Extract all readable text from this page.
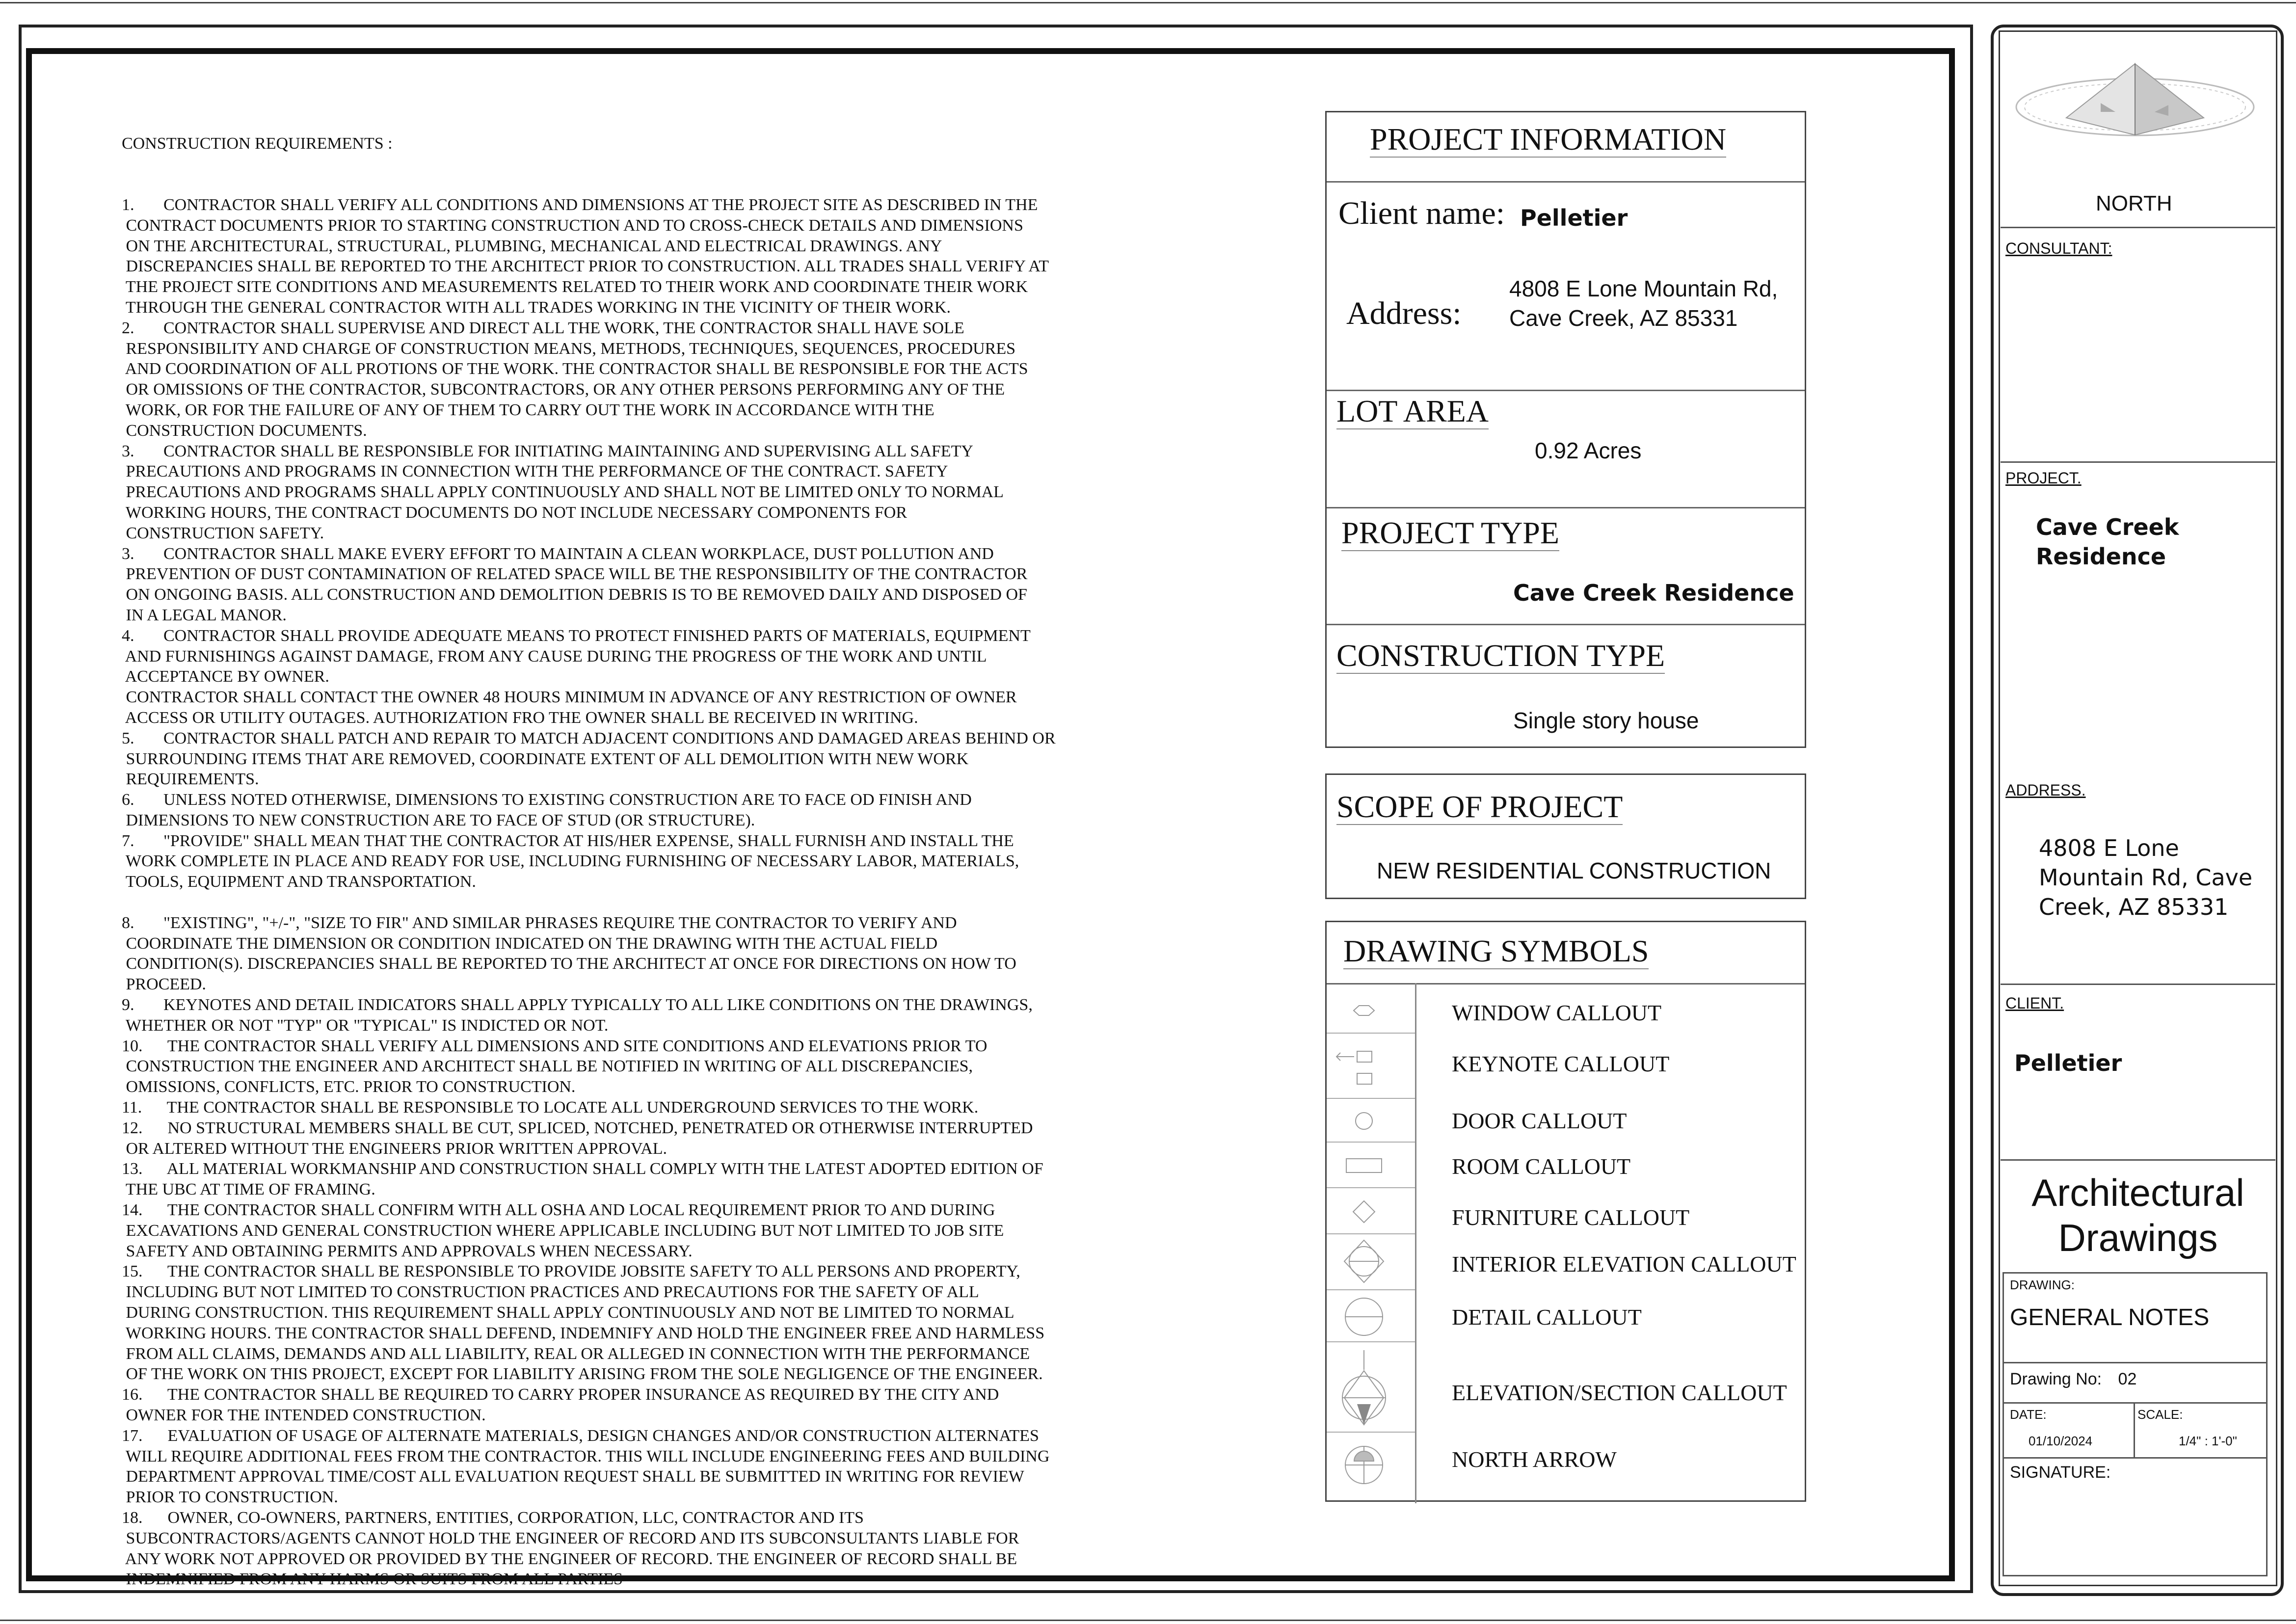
CONSTRUCTION REQUIREMENTS :

1.       CONTRACTOR SHALL VERIFY ALL CONDITIONS AND DIMENSIONS AT THE PROJECT SITE AS DESCRIBED IN THE
CONTRACT DOCUMENTS PRIOR TO STARTING CONSTRUCTION AND TO CROSS-CHECK DETAILS AND DIMENSIONS
ON THE ARCHITECTURAL, STRUCTURAL, PLUMBING, MECHANICAL AND ELECTRICAL DRAWINGS. ANY
DISCREPANCIES SHALL BE REPORTED TO THE ARCHITECT PRIOR TO CONSTRUCTION. ALL TRADES SHALL VERIFY AT
THE PROJECT SITE CONDITIONS AND MEASUREMENTS RELATED TO THEIR WORK AND COORDINATE THEIR WORK
THROUGH THE GENERAL CONTRACTOR WITH ALL TRADES WORKING IN THE VICINITY OF THEIR WORK.
2.       CONTRACTOR SHALL SUPERVISE AND DIRECT ALL THE WORK, THE CONTRACTOR SHALL HAVE SOLE
RESPONSIBILITY AND CHARGE OF CONSTRUCTION MEANS, METHODS, TECHNIQUES, SEQUENCES, PROCEDURES
AND COORDINATION OF ALL PROTIONS OF THE WORK. THE CONTRACTOR SHALL BE RESPONSIBLE FOR THE ACTS
OR OMISSIONS OF THE CONTRACTOR, SUBCONTRACTORS, OR ANY OTHER PERSONS PERFORMING ANY OF THE
WORK, OR FOR THE FAILURE OF ANY OF THEM TO CARRY OUT THE WORK IN ACCORDANCE WITH THE
CONSTRUCTION DOCUMENTS.
3.       CONTRACTOR SHALL BE RESPONSIBLE FOR INITIATING MAINTAINING AND SUPERVISING ALL SAFETY
PRECAUTIONS AND PROGRAMS IN CONNECTION WITH THE PERFORMANCE OF THE CONTRACT. SAFETY
PRECAUTIONS AND PROGRAMS SHALL APPLY CONTINUOUSLY AND SHALL NOT BE LIMITED ONLY TO NORMAL
WORKING HOURS, THE CONTRACT DOCUMENTS DO NOT INCLUDE NECESSARY COMPONENTS FOR
CONSTRUCTION SAFETY.
3.       CONTRACTOR SHALL MAKE EVERY EFFORT TO MAINTAIN A CLEAN WORKPLACE, DUST POLLUTION AND
PREVENTION OF DUST CONTAMINATION OF RELATED SPACE WILL BE THE RESPONSIBILITY OF THE CONTRACTOR
ON ONGOING BASIS. ALL CONSTRUCTION AND DEMOLITION DEBRIS IS TO BE REMOVED DAILY AND DISPOSED OF
IN A LEGAL MANOR.
4.       CONTRACTOR SHALL PROVIDE ADEQUATE MEANS TO PROTECT FINISHED PARTS OF MATERIALS, EQUIPMENT
AND FURNISHINGS AGAINST DAMAGE, FROM ANY CAUSE DURING THE PROGRESS OF THE WORK AND UNTIL
ACCEPTANCE BY OWNER.
CONTRACTOR SHALL CONTACT THE OWNER 48 HOURS MINIMUM IN ADVANCE OF ANY RESTRICTION OF OWNER
ACCESS OR UTILITY OUTAGES. AUTHORIZATION FRO THE OWNER SHALL BE RECEIVED IN WRITING.
5.       CONTRACTOR SHALL PATCH AND REPAIR TO MATCH ADJACENT CONDITIONS AND DAMAGED AREAS BEHIND OR
SURROUNDING ITEMS THAT ARE REMOVED, COORDINATE EXTENT OF ALL DEMOLITION WITH NEW WORK
REQUIREMENTS.
6.       UNLESS NOTED OTHERWISE, DIMENSIONS TO EXISTING CONSTRUCTION ARE TO FACE OD FINISH AND
DIMENSIONS TO NEW CONSTRUCTION ARE TO FACE OF STUD (OR STRUCTURE).
7.       "PROVIDE" SHALL MEAN THAT THE CONTRACTOR AT HIS/HER EXPENSE, SHALL FURNISH AND INSTALL THE
WORK COMPLETE IN PLACE AND READY FOR USE, INCLUDING FURNISHING OF NECESSARY LABOR, MATERIALS,
TOOLS, EQUIPMENT AND TRANSPORTATION.
8.       "EXISTING", "+/-", "SIZE TO FIR" AND SIMILAR PHRASES REQUIRE THE CONTRACTOR TO VERIFY AND
COORDINATE THE DIMENSION OR CONDITION INDICATED ON THE DRAWING WITH THE ACTUAL FIELD
CONDITION(S). DISCREPANCIES SHALL BE REPORTED TO THE ARCHITECT AT ONCE FOR DIRECTIONS ON HOW TO
PROCEED.
9.       KEYNOTES AND DETAIL INDICATORS SHALL APPLY TYPICALLY TO ALL LIKE CONDITIONS ON THE DRAWINGS,
WHETHER OR NOT "TYP" OR "TYPICAL" IS INDICTED OR NOT.
10.      THE CONTRACTOR SHALL VERIFY ALL DIMENSIONS AND SITE CONDITIONS AND ELEVATIONS PRIOR TO
CONSTRUCTION THE ENGINEER AND ARCHITECT SHALL BE NOTIFIED IN WRITING OF ALL DISCREPANCIES,
OMISSIONS, CONFLICTS, ETC. PRIOR TO CONSTRUCTION.
11.      THE CONTRACTOR SHALL BE RESPONSIBLE TO LOCATE ALL UNDERGROUND SERVICES TO THE WORK.
12.      NO STRUCTURAL MEMBERS SHALL BE CUT, SPLICED, NOTCHED, PENETRATED OR OTHERWISE INTERRUPTED
OR ALTERED WITHOUT THE ENGINEERS PRIOR WRITTEN APPROVAL.
13.      ALL MATERIAL WORKMANSHIP AND CONSTRUCTION SHALL COMPLY WITH THE LATEST ADOPTED EDITION OF
THE UBC AT TIME OF FRAMING.
14.      THE CONTRACTOR SHALL CONFIRM WITH ALL OSHA AND LOCAL REQUIREMENT PRIOR TO AND DURING
EXCAVATIONS AND GENERAL CONSTRUCTION WHERE APPLICABLE INCLUDING BUT NOT LIMITED TO JOB SITE
SAFETY AND OBTAINING PERMITS AND APPROVALS WHEN NECESSARY.
15.      THE CONTRACTOR SHALL BE RESPONSIBLE TO PROVIDE JOBSITE SAFETY TO ALL PERSONS AND PROPERTY,
INCLUDING BUT NOT LIMITED TO CONSTRUCTION PRACTICES AND PRECAUTIONS FOR THE SAFETY OF ALL
DURING CONSTRUCTION. THIS REQUIREMENT SHALL APPLY CONTINUOUSLY AND NOT BE LIMITED TO NORMAL
WORKING HOURS. THE CONTRACTOR SHALL DEFEND, INDEMNIFY AND HOLD THE ENGINEER FREE AND HARMLESS
FROM ALL CLAIMS, DEMANDS AND ALL LIABILITY, REAL OR ALLEGED IN CONNECTION WITH THE PERFORMANCE
OF THE WORK ON THIS PROJECT, EXCEPT FOR LIABILITY ARISING FROM THE SOLE NEGLIGENCE OF THE ENGINEER.
16.      THE CONTRACTOR SHALL BE REQUIRED TO CARRY PROPER INSURANCE AS REQUIRED BY THE CITY AND
OWNER FOR THE INTENDED CONSTRUCTION.
17.      EVALUATION OF USAGE OF ALTERNATE MATERIALS, DESIGN CHANGES AND/OR CONSTRUCTION ALTERNATES
WILL REQUIRE ADDITIONAL FEES FROM THE CONTRACTOR. THIS WILL INCLUDE ENGINEERING FEES AND BUILDING
DEPARTMENT APPROVAL TIME/COST ALL EVALUATION REQUEST SHALL BE SUBMITTED IN WRITING FOR REVIEW
PRIOR TO CONSTRUCTION.
18.      OWNER, CO-OWNERS, PARTNERS, ENTITIES, CORPORATION, LLC, CONTRACTOR AND ITS
SUBCONTRACTORS/AGENTS CANNOT HOLD THE ENGINEER OF RECORD AND ITS SUBCONSULTANTS LIABLE FOR
ANY WORK NOT APPROVED OR PROVIDED BY THE ENGINEER OF RECORD. THE ENGINEER OF RECORD SHALL BE
INDEMNIFIED FROM ANY HARMS OR SUITS FROM ALL PARTIES

PROJECT INFORMATION
Client name: Pelletier
Address:
4808 E Lone Mountain Rd,
Cave Creek, AZ 85331
LOT AREA
0.92 Acres
PROJECT TYPE
Cave Creek Residence
CONSTRUCTION TYPE
Single story house
SCOPE OF PROJECT
NEW RESIDENTIAL CONSTRUCTION
DRAWING SYMBOLS
WINDOW CALLOUT
KEYNOTE CALLOUT
DOOR CALLOUT
ROOM CALLOUT
FURNITURE CALLOUT
INTERIOR ELEVATION CALLOUT
DETAIL CALLOUT
ELEVATION/SECTION CALLOUT
NORTH ARROW
NORTH
CONSULTANT:
PROJECT.
Cave Creek
Residence
ADDRESS.
4808 E Lone
Mountain Rd, Cave
Creek, AZ 85331
CLIENT.
Pelletier
Architectural
Drawings
DRAWING:
GENERAL NOTES
Drawing No: 02
DATE:
01/10/2024
SCALE:
1/4" : 1'-0"
SIGNATURE:
